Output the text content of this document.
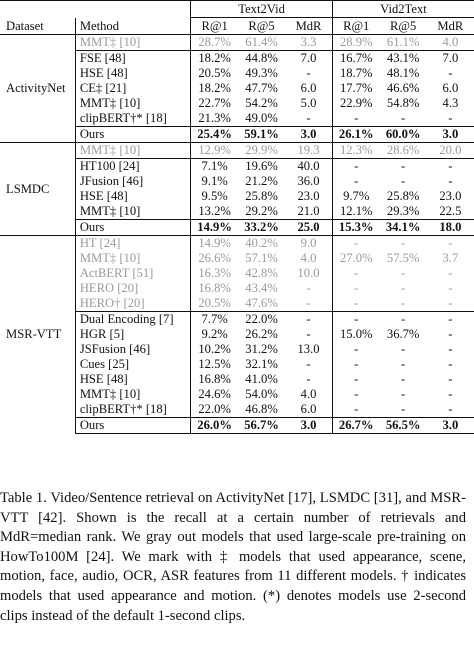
		Text2Vid			Vid2Text		
Dataset	Method	R@1	R@5	MdR	R@1	R@5	MdR
ActivityNet	MMT‡ [10]	28.7%	61.4%	3.3	28.9%	61.1%	4.0
	FSE [48]	18.2%	44.8%	7.0	16.7%	43.1%	7.0
	HSE [48]	20.5%	49.3%	-	18.7%	48.1%	-
	CE‡ [21]	18.2%	47.7%	6.0	17.7%	46.6%	6.0
	MMT‡ [10]	22.7%	54.2%	5.0	22.9%	54.8%	4.3
	clipBERT†* [18]	21.3%	49.0%	-	-	-	-
	Ours	25.4%	59.1%	3.0	26.1%	60.0%	3.0
LSMDC	MMT‡ [10]	12.9%	29.9%	19.3	12.3%	28.6%	20.0
	HT100 [24]	7.1%	19.6%	40.0	-	-	-
	JFusion [46]	9.1%	21.2%	36.0	-	-	-
	HSE [48]	9.5%	25.8%	23.0	9.7%	25.8%	23.0
	MMT‡ [10]	13.2%	29.2%	21.0	12.1%	29.3%	22.5
	Ours	14.9%	33.2%	25.0	15.3%	34.1%	18.0
MSR-VTT	HT [24]	14.9%	40.2%	9.0	-	-	-
	MMT‡ [10]	26.6%	57.1%	4.0	27.0%	57.5%	3.7
	ActBERT [51]	16.3%	42.8%	10.0	-	-	-
	HERO [20]	16.8%	43.4%	-	-	-	-
	HERO† [20]	20.5%	47.6%	-	-	-	-
	Dual Encoding [7]	7.7%	22.0%	-	-	-	-
	HGR [5]	9.2%	26.2%	-	15.0%	36.7%	-
	JSFusion [46]	10.2%	31.2%	13.0	-	-	-
	Cues [25]	12.5%	32.1%	-	-	-	-
	HSE [48]	16.8%	41.0%	-	-	-	-
	MMT‡ [10]	24.6%	54.0%	4.0	-	-	-
	clipBERT†* [18]	22.0%	46.8%	6.0	-	-	-
	Ours	26.0%	56.7%	3.0	26.7%	56.5%	3.0

Table 1. Video/Sentence retrieval on ActivityNet [17], LSMDC [31], and MSR-VTT [42]. Shown is the recall at a certain number of retrievals and MdR=median rank. We gray out models that used large-scale pre-training on HowTo100M [24]. We mark with ‡ models that used appearance, scene, motion, face, audio, OCR, ASR features from 11 different models. † indicates models that used appearance and motion. (*) denotes models use 2-second clips instead of the default 1-second clips.
